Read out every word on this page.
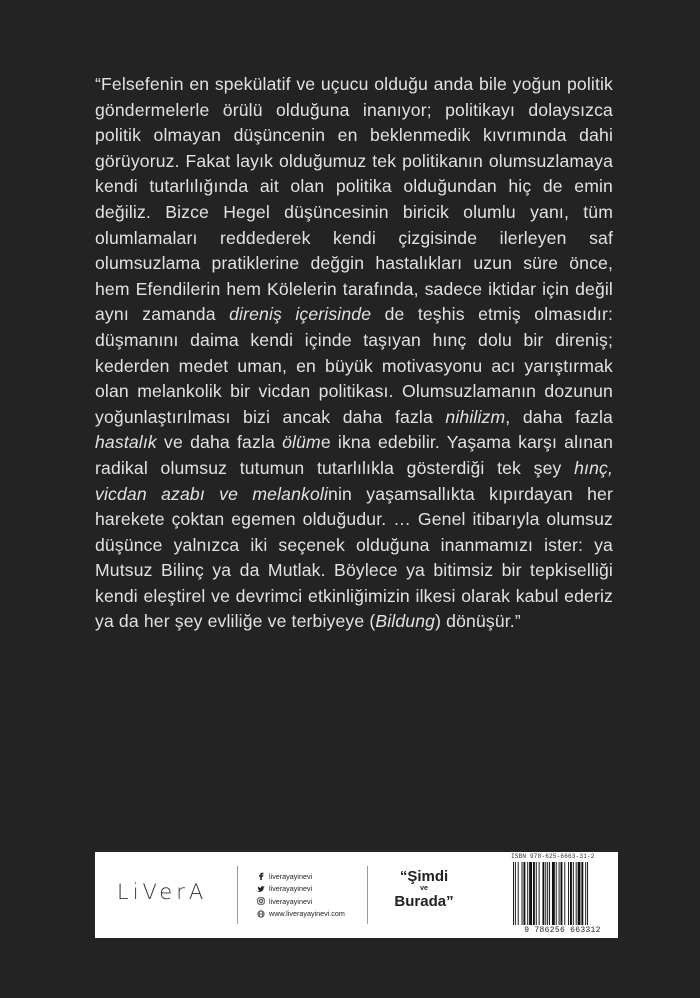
“Felsefenin en spekülatif ve uçucu olduğu anda bile yoğun politik göndermelerle örülü olduğuna inanıyor; politikayı dolaysızca politik olmayan düşüncenin en beklenmedik kıvrımında dahi görüyoruz. Fakat layık olduğumuz tek politikanın olumsuzlamaya kendi tutarlılığında ait olan politika olduğundan hiç de emin değiliz. Bizce Hegel düşüncesinin biricik olumlu yanı, tüm olumlamaları reddederek kendi çizgisinde ilerleyen saf olumsuzlama pratiklerine değgin hastalıkları uzun süre önce, hem Efendilerin hem Kölelerin tarafında, sadece iktidar için değil aynı zamanda direniş içerisinde de teşhis etmiş olmasıdır: düşmanını daima kendi içinde taşıyan hınç dolu bir direniş; kederden medet uman, en büyük motivasyonu acı yarıştırmak olan melankolik bir vicdan politikası. Olumsuzlamanın dozunun yoğunlaştırılması bizi ancak daha fazla nihilizm, daha fazla hastalık ve daha fazla ölüme ikna edebilir. Yaşama karşı alınan radikal olumsuz tutumun tutarlılıkla gösterdiği tek şey hınç, vicdan azabı ve melankolinin yaşamsallıkta kıpırdayan her harekete çoktan egemen olduğudur. … Genel itibarıyla olumsuz düşünce yalnızca iki seçenek olduğuna inanmamızı ister: ya Mutsuz Bilinç ya da Mutlak. Böylece ya bitimsiz bir tepkiselliği kendi eleştirel ve devrimci etkinliğimizin ilkesi olarak kabul ederiz ya da her şey evliliğe ve terbiyeye (Bildung) dönüşür.”
LiVerA
liverayayinevi
liverayayinevi
liverayayinevi
www.liverayayinevi.com
“Şimdi
ve
Burada”
ISBN 978-625-6663-31-2
9 786256 663312
